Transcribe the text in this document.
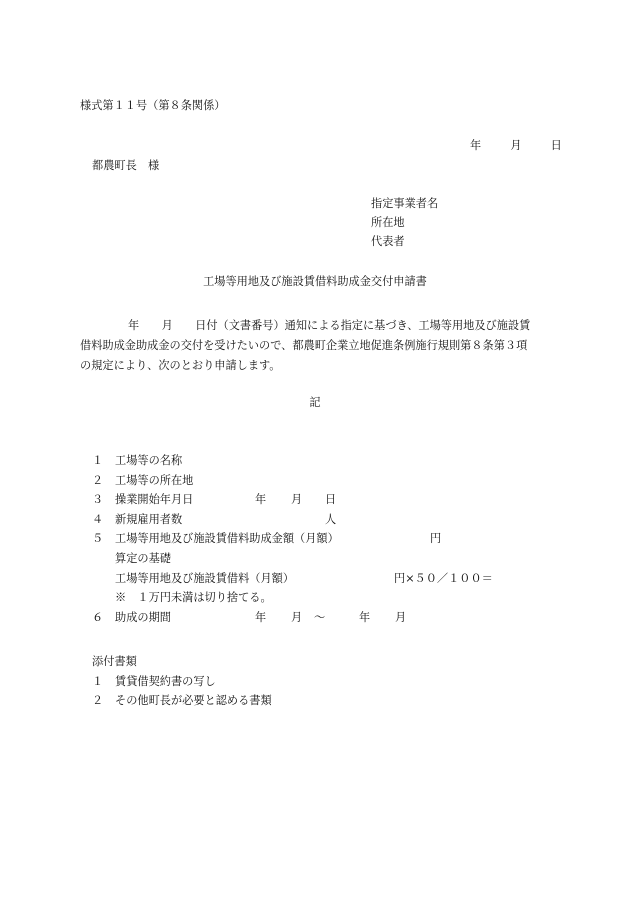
様式第１１号（第８条関係）
年	月	日
都農町長　様
指定事業者名
所在地
代表者
工場等用地及び施設賃借料助成金交付申請書
年　　月　　日付（文書番号）通知による指定に基づき、工場等用地及び施設賃
借料助成金助成金の交付を受けたいので、都農町企業立地促進条例施行規則第８条第３項
の規定により、次のとおり申請します。
記
１ 工場等の名称
２ 工場等の所在地
３ 操業開始年月日	年 月 日
４ 新規雇用者数	人
５ 工場等用地及び施設賃借料助成金額（月額）	円
算定の基礎
工場等用地及び施設賃借料（月額）	円×５０／１００＝
※　１万円未満は切り捨てる。
６ 助成の期間	年 月 ～	年 月
添付書類
１ 賃貸借契約書の写し
２ その他町長が必要と認める書類
